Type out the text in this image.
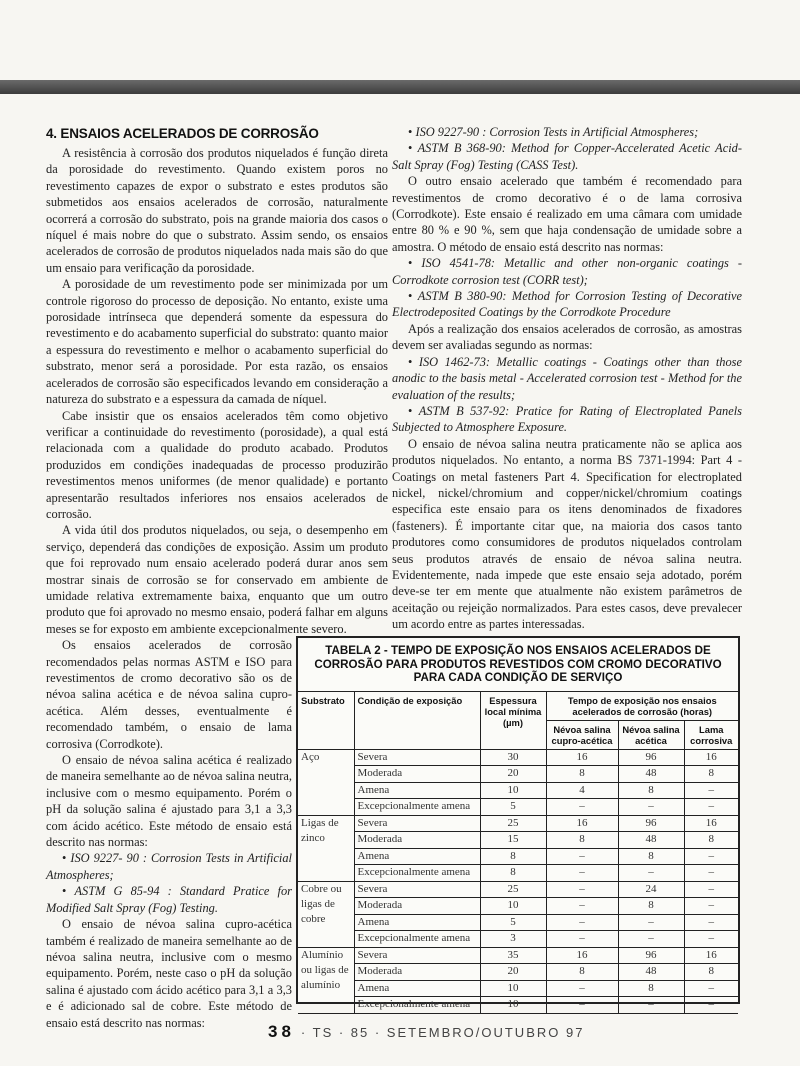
4. ENSAIOS ACELERADOS DE CORROSÃO

A resistência à corrosão dos produtos niquelados é função direta da porosidade do revestimento. Quando existem poros no revestimento capazes de expor o substrato e estes produtos são submetidos aos ensaios acelerados de corrosão, naturalmente ocorrerá a corrosão do substrato, pois na grande maioria dos casos o níquel é mais nobre do que o substrato. Assim sendo, os ensaios acelerados de corrosão de produtos niquelados nada mais são do que um ensaio para verificação da porosidade.

A porosidade de um revestimento pode ser minimizada por um controle rigoroso do processo de deposição. No entanto, existe uma porosidade intrínseca que dependerá somente da espessura do revestimento e do acabamento superficial do substrato: quanto maior a espessura do revestimento e melhor o acabamento superficial do substrato, menor será a porosidade. Por esta razão, os ensaios acelerados de corrosão são especificados levando em consideração a natureza do substrato e a espessura da camada de níquel.

Cabe insistir que os ensaios acelerados têm como objetivo verificar a continuidade do revestimento (porosidade), a qual está relacionada com a qualidade do produto acabado. Produtos produzidos em condições inadequadas de processo produzirão revestimentos menos uniformes (de menor qualidade) e portanto apresentarão resultados inferiores nos ensaios acelerados de corrosão.

A vida útil dos produtos niquelados, ou seja, o desempenho em serviço, dependerá das condições de exposição. Assim um produto que foi reprovado num ensaio acelerado poderá durar anos sem mostrar sinais de corrosão se for conservado em ambiente de umidade relativa extremamente baixa, enquanto que um outro produto que foi aprovado no mesmo ensaio, poderá falhar em alguns meses se for exposto em ambiente excepcionalmente severo.

Os ensaios acelerados de corrosão recomendados pelas normas ASTM e ISO para revestimentos de cromo decorativo são os de névoa salina acética e de névoa salina cupro-acética. Além desses, eventualmente é recomendado também, o ensaio de lama corrosiva (Corrodkote).

O ensaio de névoa salina acética é realizado de maneira semelhante ao de névoa salina neutra, inclusive com o mesmo equipamento. Porém o pH da solução salina é ajustado para 3,1 a 3,3 com ácido acético. Este método de ensaio está descrito nas normas:

• ISO 9227- 90 : Corrosion Tests in Artificial Atmospheres;

• ASTM G 85-94 : Standard Pratice for Modified Salt Spray (Fog) Testing.

O ensaio de névoa salina cupro-acética também é realizado de maneira semelhante ao de névoa salina neutra, inclusive com o mesmo equipamento. Porém, neste caso o pH da solução salina é ajustado com ácido acético para 3,1 a 3,3 e é adicionado sal de cobre. Este método de ensaio está descrito nas normas:

• ISO 9227-90 : Corrosion Tests in Artificial Atmospheres;

• ASTM B 368-90: Method for Copper-Accelerated Acetic Acid-Salt Spray (Fog) Testing (CASS Test).

O outro ensaio acelerado que também é recomendado para revestimentos de cromo decorativo é o de lama corrosiva (Corrodkote). Este ensaio é realizado em uma câmara com umidade entre 80 % e 90 %, sem que haja condensação de umidade sobre a amostra. O método de ensaio está descrito nas normas:

• ISO 4541-78: Metallic and other non-organic coatings - Corrodkote corrosion test (CORR test);

• ASTM B 380-90: Method for Corrosion Testing of Decorative Electrodeposited Coatings by the Corrodkote Procedure

Após a realização dos ensaios acelerados de corrosão, as amostras devem ser avaliadas segundo as normas:

• ISO 1462-73: Metallic coatings - Coatings other than those anodic to the basis metal - Accelerated corrosion test - Method for the evaluation of the results;

• ASTM B 537-92: Pratice for Rating of Electroplated Panels Subjected to Atmosphere Exposure.

O ensaio de névoa salina neutra praticamente não se aplica aos produtos niquelados. No entanto, a norma BS 7371-1994: Part 4 - Coatings on metal fasteners Part 4. Specification for electroplated nickel, nickel/chromium and copper/nickel/chromium coatings especifica este ensaio para os itens denominados de fixadores (fasteners). É importante citar que, na maioria dos casos tanto produtores como consumidores de produtos niquelados controlam seus produtos através de ensaio de névoa salina neutra. Evidentemente, nada impede que este ensaio seja adotado, porém deve-se ter em mente que atualmente não existem parâmetros de aceitação ou rejeição normalizados. Para estes casos, deve prevalecer um acordo entre as partes interessadas.

TABELA 2 - TEMPO DE EXPOSIÇÃO NOS ENSAIOS ACELERADOS DE CORROSÃO PARA PRODUTOS REVESTIDOS COM CROMO DECORATIVO PARA CADA CONDIÇÃO DE SERVIÇO
Substrato	Condição de exposição	Espessura local mínima (µm)	Tempo de exposição nos ensaios acelerados de corrosão (horas)		
			Névoa salina cupro-acética	Névoa salina acética	Lama corrosiva
Aço	Severa	30	16	96	16
	Moderada	20	8	48	8
	Amena	10	4	8	–
	Excepcionalmente amena	5	–	–	–
Ligas de zinco	Severa	25	16	96	16
	Moderada	15	8	48	8
	Amena	8	–	8	–
	Excepcionalmente amena	8	–	–	–
Cobre ou ligas de cobre	Severa	25	–	24	–
	Moderada	10	–	8	–
	Amena	5	–	–	–
	Excepcionalmente amena	3	–	–	–
Alumínio ou ligas de alumínio	Severa	35	16	96	16
	Moderada	20	8	48	8
	Amena	10	–	8	–
	Excepcionalmente amena	10	–	–	–
38 · TS · 85 · SETEMBRO/OUTUBRO 97
